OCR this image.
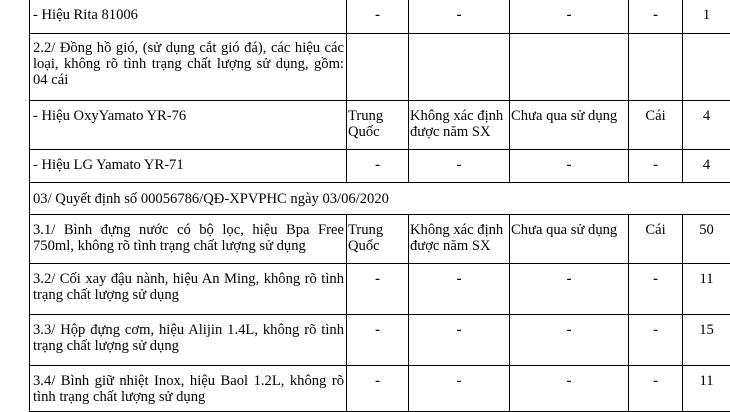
- Hiệu Rita 81006	-	-	-	-	1
2.2/ Đồng hồ gió, (sử dụng cắt gió đá), các hiệu các loại, không rõ tình trạng chất lượng sử dụng, gồm: 04 cái					
- Hiệu OxyYamato YR-76	Trung Quốc	Không xác định được năm SX	Chưa qua sử dụng	Cái	4
- Hiệu LG Yamato YR-71	-	-	-	-	4
03/ Quyết định số 00056786/QĐ-XPVPHC ngày 03/06/2020					
3.1/ Bình đựng nước có bộ lọc, hiệu Bpa Free 750ml, không rõ tình trạng chất lượng sử dụng	Trung Quốc	Không xác định được năm SX	Chưa qua sử dụng	Cái	50
3.2/ Cối xay đậu nành, hiệu An Ming, không rõ tình trạng chất lượng sử dụng	-	-	-	-	11
3.3/ Hộp đựng cơm, hiệu Alijin 1.4L, không rõ tình trạng chất lượng sử dụng	-	-	-	-	15
3.4/ Bình giữ nhiệt Inox, hiệu Baol 1.2L, không rõ tình trạng chất lượng sử dụng	-	-	-	-	11
